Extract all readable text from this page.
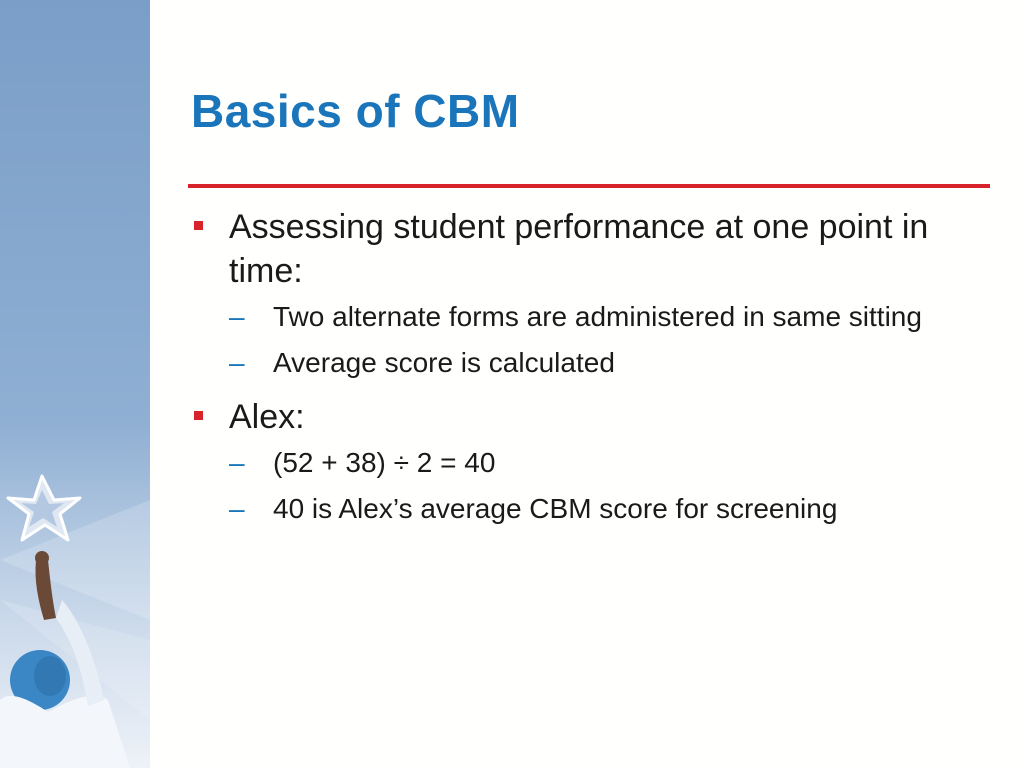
Basics of CBM
Assessing student performance at one point in time:
– Two alternate forms are administered in same sitting
– Average score is calculated
Alex:
– (52 + 38) ÷ 2 = 40
– 40 is Alex’s average CBM score for screening
